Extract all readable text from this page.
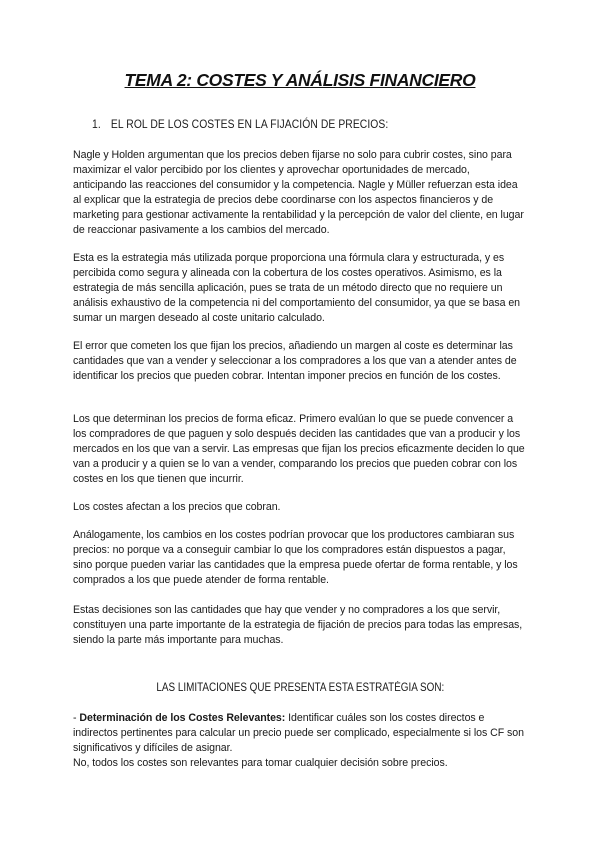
TEMA 2: COSTES Y ANÁLISIS FINANCIERO
1. EL ROL DE LOS COSTES EN LA FIJACIÓN DE PRECIOS:

Nagle y Holden argumentan que los precios deben fijarse no solo para cubrir costes, sino para maximizar el valor percibido por los clientes y aprovechar oportunidades de mercado, anticipando las reacciones del consumidor y la competencia. Nagle y Müller refuerzan esta idea al explicar que la estrategia de precios debe coordinarse con los aspectos financieros y de marketing para gestionar activamente la rentabilidad y la percepción de valor del cliente, en lugar de reaccionar pasivamente a los cambios del mercado.

Esta es la estrategia más utilizada porque proporciona una fórmula clara y estructurada, y es percibida como segura y alineada con la cobertura de los costes operativos. Asimismo, es la estrategia de más sencilla aplicación, pues se trata de un método directo que no requiere un análisis exhaustivo de la competencia ni del comportamiento del consumidor, ya que se basa en sumar un margen deseado al coste unitario calculado.

El error que cometen los que fijan los precios, añadiendo un margen al coste es determinar las cantidades que van a vender y seleccionar a los compradores a los que van a atender antes de identificar los precios que pueden cobrar. Intentan imponer precios en función de los costes.

Los que determinan los precios de forma eficaz. Primero evalúan lo que se puede convencer a los compradores de que paguen y solo después deciden las cantidades que van a producir y los mercados en los que van a servir. Las empresas que fijan los precios eficazmente deciden lo que van a producir y a quien se lo van a vender, comparando los precios que pueden cobrar con los costes en los que tienen que incurrir.

Los costes afectan a los precios que cobran.

Análogamente, los cambios en los costes podrían provocar que los productores cambiaran sus precios: no porque va a conseguir cambiar lo que los compradores están dispuestos a pagar, sino porque pueden variar las cantidades que la empresa puede ofertar de forma rentable, y los comprados a los que puede atender de forma rentable.

Estas decisiones son las cantidades que hay que vender y no compradores a los que servir, constituyen una parte importante de la estrategia de fijación de precios para todas las empresas, siendo la parte más importante para muchas.

LAS LIMITACIONES QUE PRESENTA ESTA ESTRATÉGIA SON:

- Determinación de los Costes Relevantes: Identificar cuáles son los costes directos e indirectos pertinentes para calcular un precio puede ser complicado, especialmente si los CF son significativos y difíciles de asignar.
No, todos los costes son relevantes para tomar cualquier decisión sobre precios.
